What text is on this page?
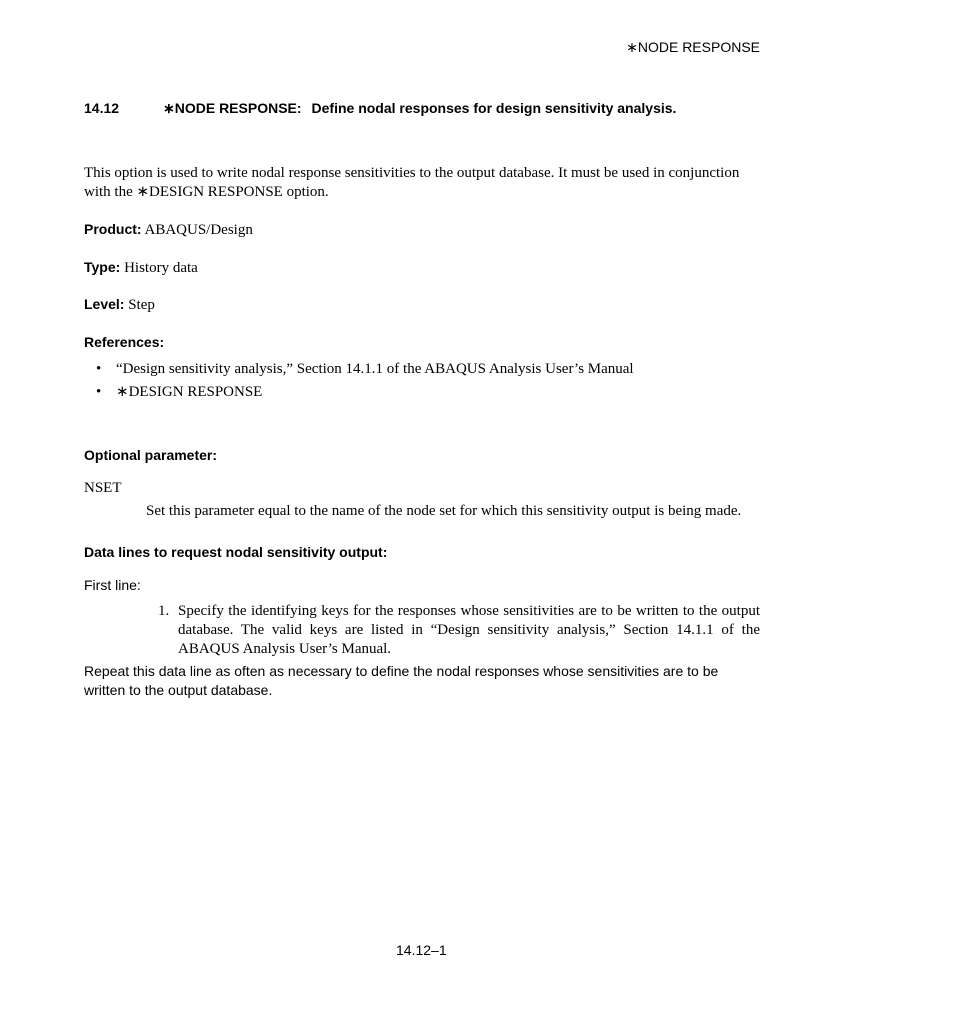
∗NODE RESPONSE
14.12	∗NODE RESPONSE: Define nodal responses for design sensitivity analysis.
This option is used to write nodal response sensitivities to the output database. It must be used in conjunction with the ∗DESIGN RESPONSE option.
Product: ABAQUS/Design
Type: History data
Level: Step
References:
• “Design sensitivity analysis,” Section 14.1.1 of the ABAQUS Analysis User’s Manual
• ∗DESIGN RESPONSE
Optional parameter:
NSET
Set this parameter equal to the name of the node set for which this sensitivity output is being made.
Data lines to request nodal sensitivity output:
First line:
1. Specify the identifying keys for the responses whose sensitivities are to be written to the output database. The valid keys are listed in “Design sensitivity analysis,” Section 14.1.1 of the ABAQUS Analysis User’s Manual.
Repeat this data line as often as necessary to define the nodal responses whose sensitivities are to be written to the output database.
14.12–1
